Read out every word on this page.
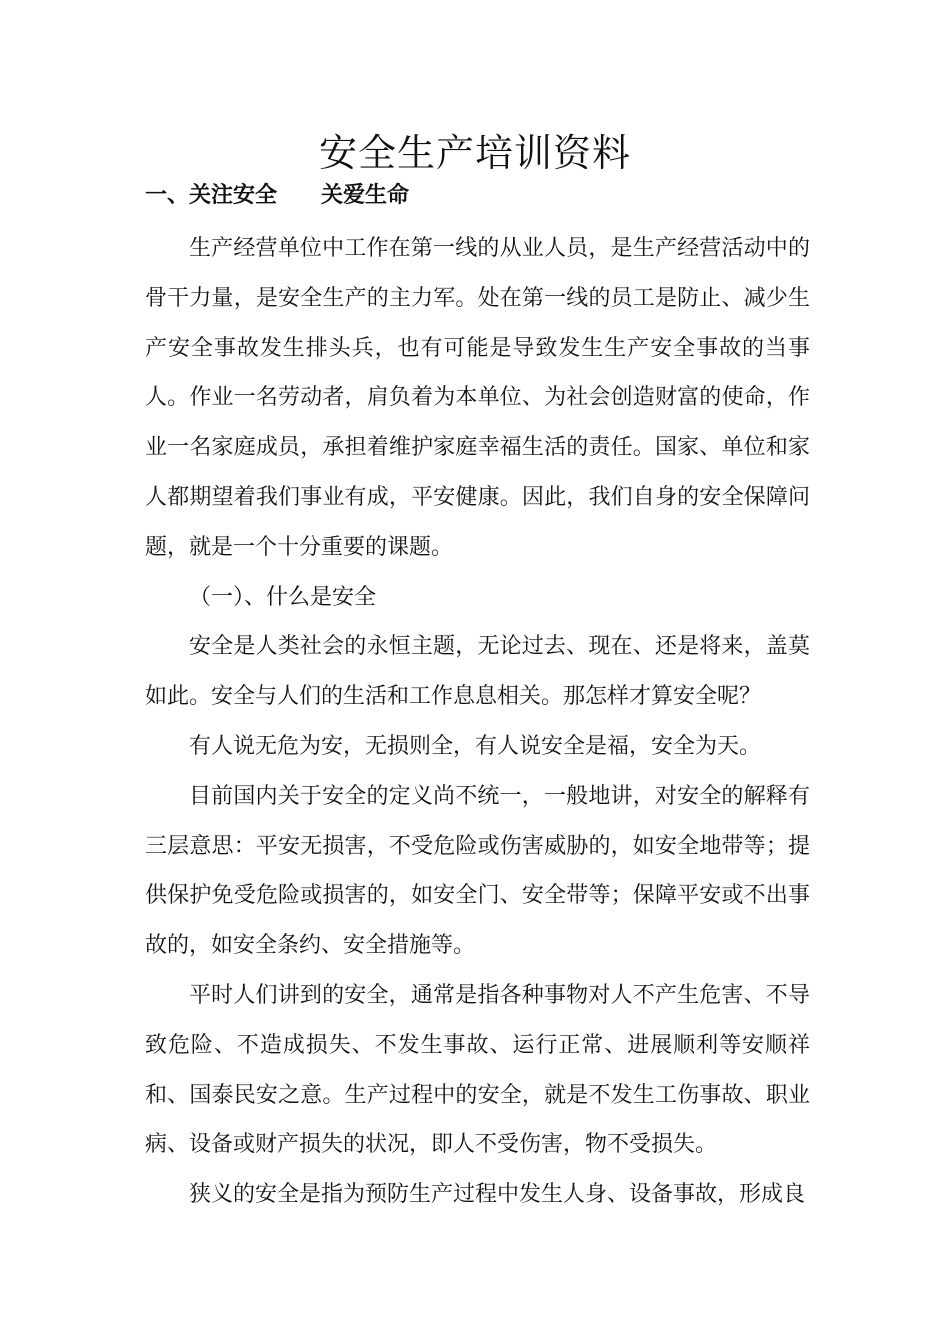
安全生产培训资料
一、关注安全　　关爱生命

生产经营单位中工作在第一线的从业人员，是生产经营活动中的骨干力量，是安全生产的主力军。处在第一线的员工是防止、减少生产安全事故发生排头兵，也有可能是导致发生生产安全事故的当事人。作业一名劳动者，肩负着为本单位、为社会创造财富的使命，作业一名家庭成员，承担着维护家庭幸福生活的责任。国家、单位和家人都期望着我们事业有成，平安健康。因此，我们自身的安全保障问题，就是一个十分重要的课题。

（一）、什么是安全

安全是人类社会的永恒主题，无论过去、现在、还是将来，盖莫如此。安全与人们的生活和工作息息相关。那怎样才算安全呢？

有人说无危为安，无损则全，有人说安全是福，安全为天。

目前国内关于安全的定义尚不统一，一般地讲，对安全的解释有三层意思：平安无损害，不受危险或伤害威胁的，如安全地带等；提供保护免受危险或损害的，如安全门、安全带等；保障平安或不出事故的，如安全条约、安全措施等。

平时人们讲到的安全，通常是指各种事物对人不产生危害、不导致危险、不造成损失、不发生事故、运行正常、进展顺利等安顺祥和、国泰民安之意。生产过程中的安全，就是不发生工伤事故、职业病、设备或财产损失的状况，即人不受伤害，物不受损失。

狭义的安全是指为预防生产过程中发生人身、设备事故，形成良
